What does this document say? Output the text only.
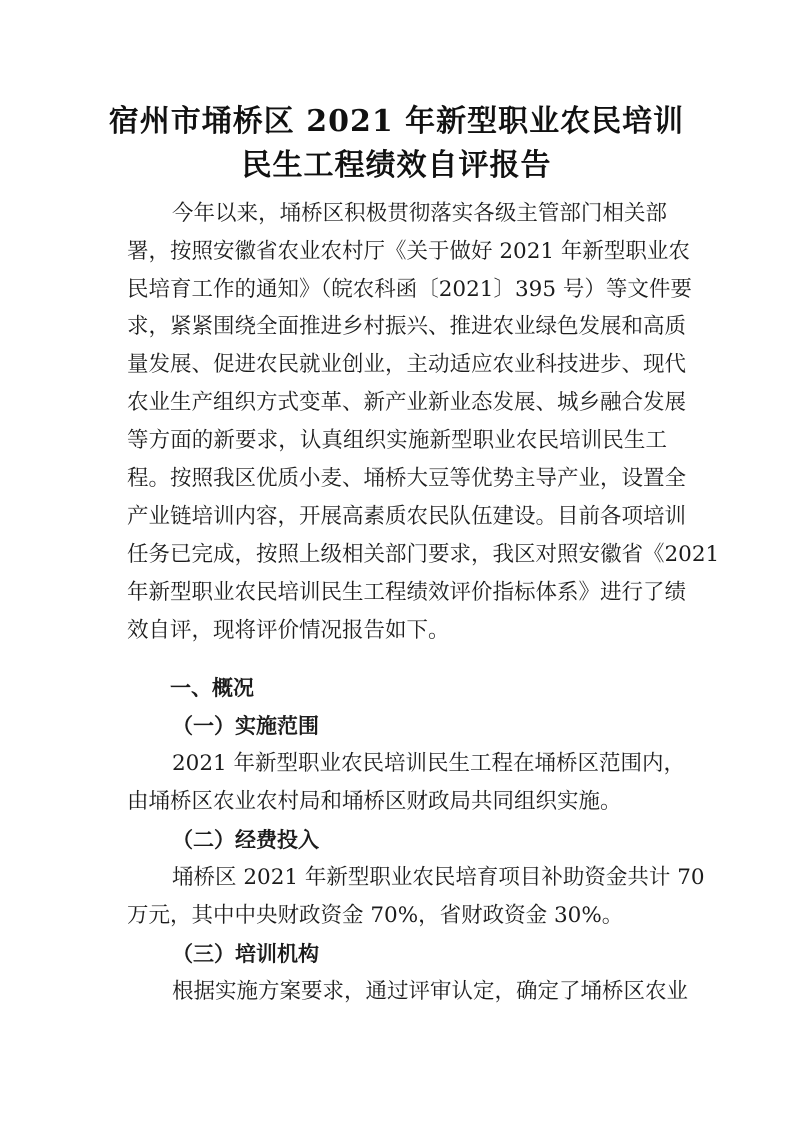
宿州市埇桥区 2021 年新型职业农民培训
民生工程绩效自评报告
今年以来，埇桥区积极贯彻落实各级主管部门相关部
署，按照安徽省农业农村厅《关于做好 2021 年新型职业农
民培育工作的通知》（皖农科函〔2021〕395 号）等文件要
求，紧紧围绕全面推进乡村振兴、推进农业绿色发展和高质
量发展、促进农民就业创业，主动适应农业科技进步、现代
农业生产组织方式变革、新产业新业态发展、城乡融合发展
等方面的新要求，认真组织实施新型职业农民培训民生工
程。按照我区优质小麦、埇桥大豆等优势主导产业，设置全
产业链培训内容，开展高素质农民队伍建设。目前各项培训
任务已完成，按照上级相关部门要求，我区对照安徽省《2021
年新型职业农民培训民生工程绩效评价指标体系》进行了绩
效自评，现将评价情况报告如下。
一、概况
（一）实施范围
2021 年新型职业农民培训民生工程在埇桥区范围内，
由埇桥区农业农村局和埇桥区财政局共同组织实施。
（二）经费投入
埇桥区 2021 年新型职业农民培育项目补助资金共计 70
万元，其中中央财政资金 70%，省财政资金 30%。
（三）培训机构
根据实施方案要求，通过评审认定，确定了埇桥区农业
